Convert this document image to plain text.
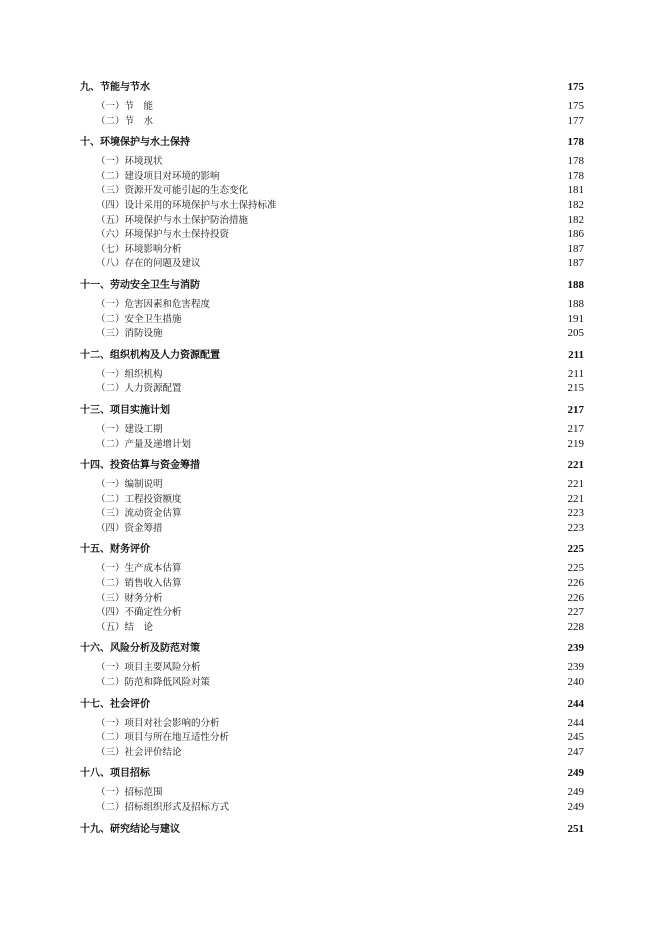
九、节能与节水	175
（一）节　能	175
（二）节　水	177
十、环境保护与水土保持	178
（一）环境现状	178
（二）建设项目对环境的影响	178
（三）资源开发可能引起的生态变化	181
（四）设计采用的环境保护与水土保持标准	182
（五）环境保护与水土保护防治措施	182
（六）环境保护与水土保持投资	186
（七）环境影响分析	187
（八）存在的问题及建议	187
十一、劳动安全卫生与消防	188
（一）危害因素和危害程度	188
（二）安全卫生措施	191
（三）消防设施	205
十二、组织机构及人力资源配置	211
（一）组织机构	211
（二）人力资源配置	215
十三、项目实施计划	217
（一）建设工期	217
（二）产量及递增计划	219
十四、投资估算与资金筹措	221
（一）编制说明	221
（二）工程投资额度	221
（三）流动资金估算	223
（四）资金筹措	223
十五、财务评价	225
（一）生产成本估算	225
（二）销售收入估算	226
（三）财务分析	226
（四）不确定性分析	227
（五）结　论	228
十六、风险分析及防范对策	239
（一）项目主要风险分析	239
（二）防范和降低风险对策	240
十七、社会评价	244
（一）项目对社会影响的分析	244
（二）项目与所在地互适性分析	245
（三）社会评价结论	247
十八、项目招标	249
（一）招标范围	249
（二）招标组织形式及招标方式	249
十九、研究结论与建议	251
